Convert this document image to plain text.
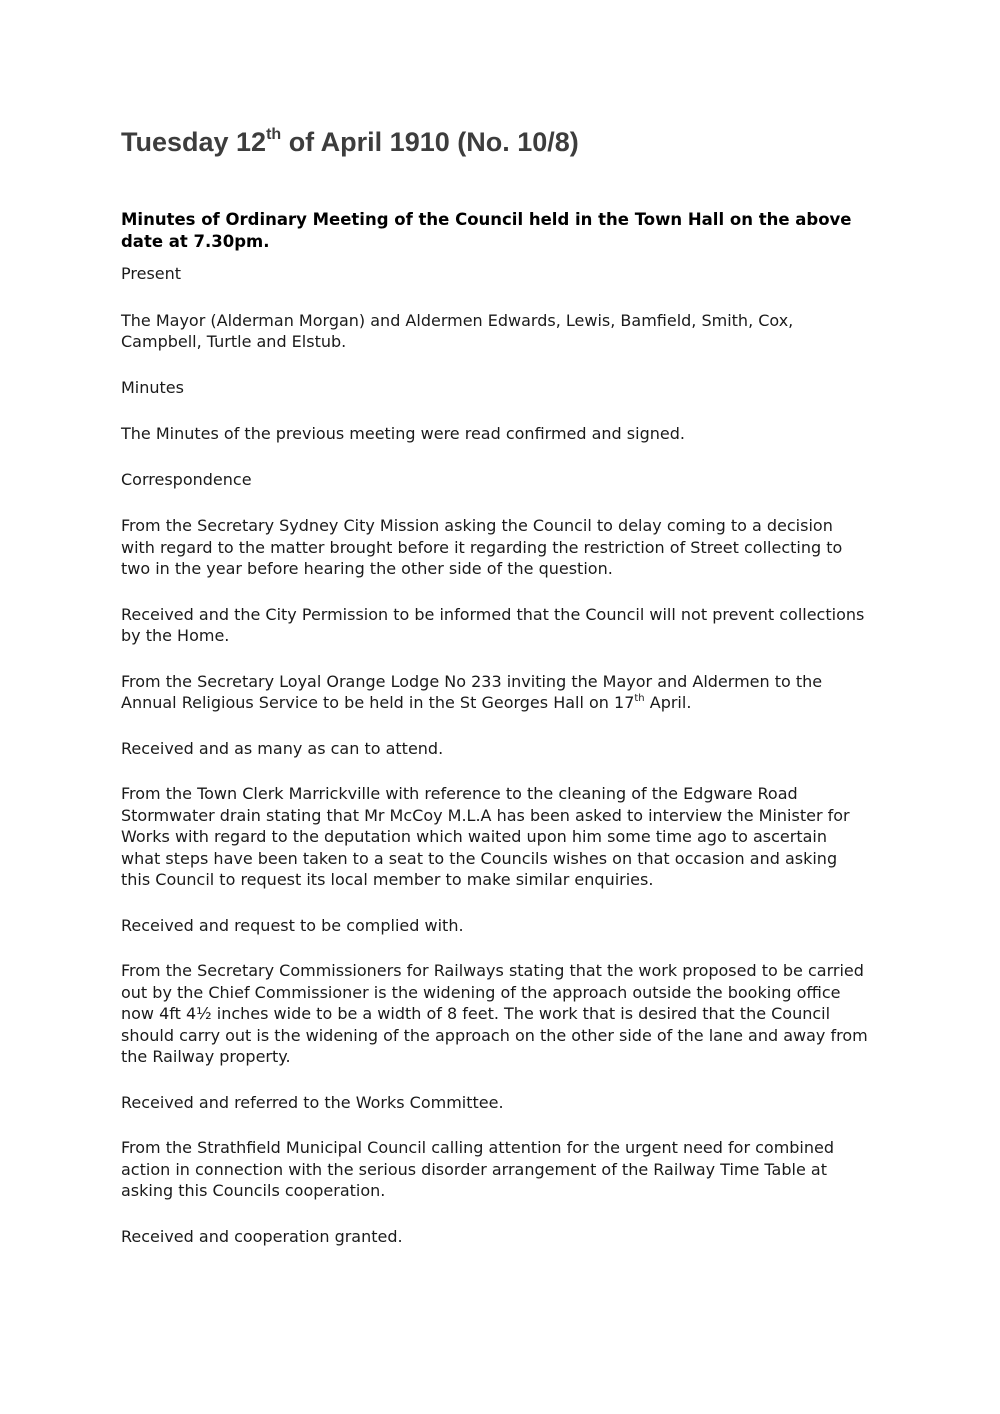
Tuesday 12th of April 1910 (No. 10/8)

Minutes of Ordinary Meeting of the Council held in the Town Hall on the above date at 7.30pm.

Present

The Mayor (Alderman Morgan) and Aldermen Edwards, Lewis, Bamfield, Smith, Cox, Campbell, Turtle and Elstub.

Minutes

The Minutes of the previous meeting were read confirmed and signed.

Correspondence

From the Secretary Sydney City Mission asking the Council to delay coming to a decision with regard to the matter brought before it regarding the restriction of Street collecting to two in the year before hearing the other side of the question.

Received and the City Permission to be informed that the Council will not prevent collections by the Home.

From the Secretary Loyal Orange Lodge No 233 inviting the Mayor and Aldermen to the Annual Religious Service to be held in the St Georges Hall on 17th April.

Received and as many as can to attend.

From the Town Clerk Marrickville with reference to the cleaning of the Edgware Road Stormwater drain stating that Mr McCoy M.L.A has been asked to interview the Minister for Works with regard to the deputation which waited upon him some time ago to ascertain what steps have been taken to a seat to the Councils wishes on that occasion and asking this Council to request its local member to make similar enquiries.

Received and request to be complied with.

From the Secretary Commissioners for Railways stating that the work proposed to be carried out by the Chief Commissioner is the widening of the approach outside the booking office now 4ft 4½ inches wide to be a width of 8 feet. The work that is desired that the Council should carry out is the widening of the approach on the other side of the lane and away from the Railway property.

Received and referred to the Works Committee.

From the Strathfield Municipal Council calling attention for the urgent need for combined action in connection with the serious disorder arrangement of the Railway Time Table at asking this Councils cooperation.

Received and cooperation granted.
